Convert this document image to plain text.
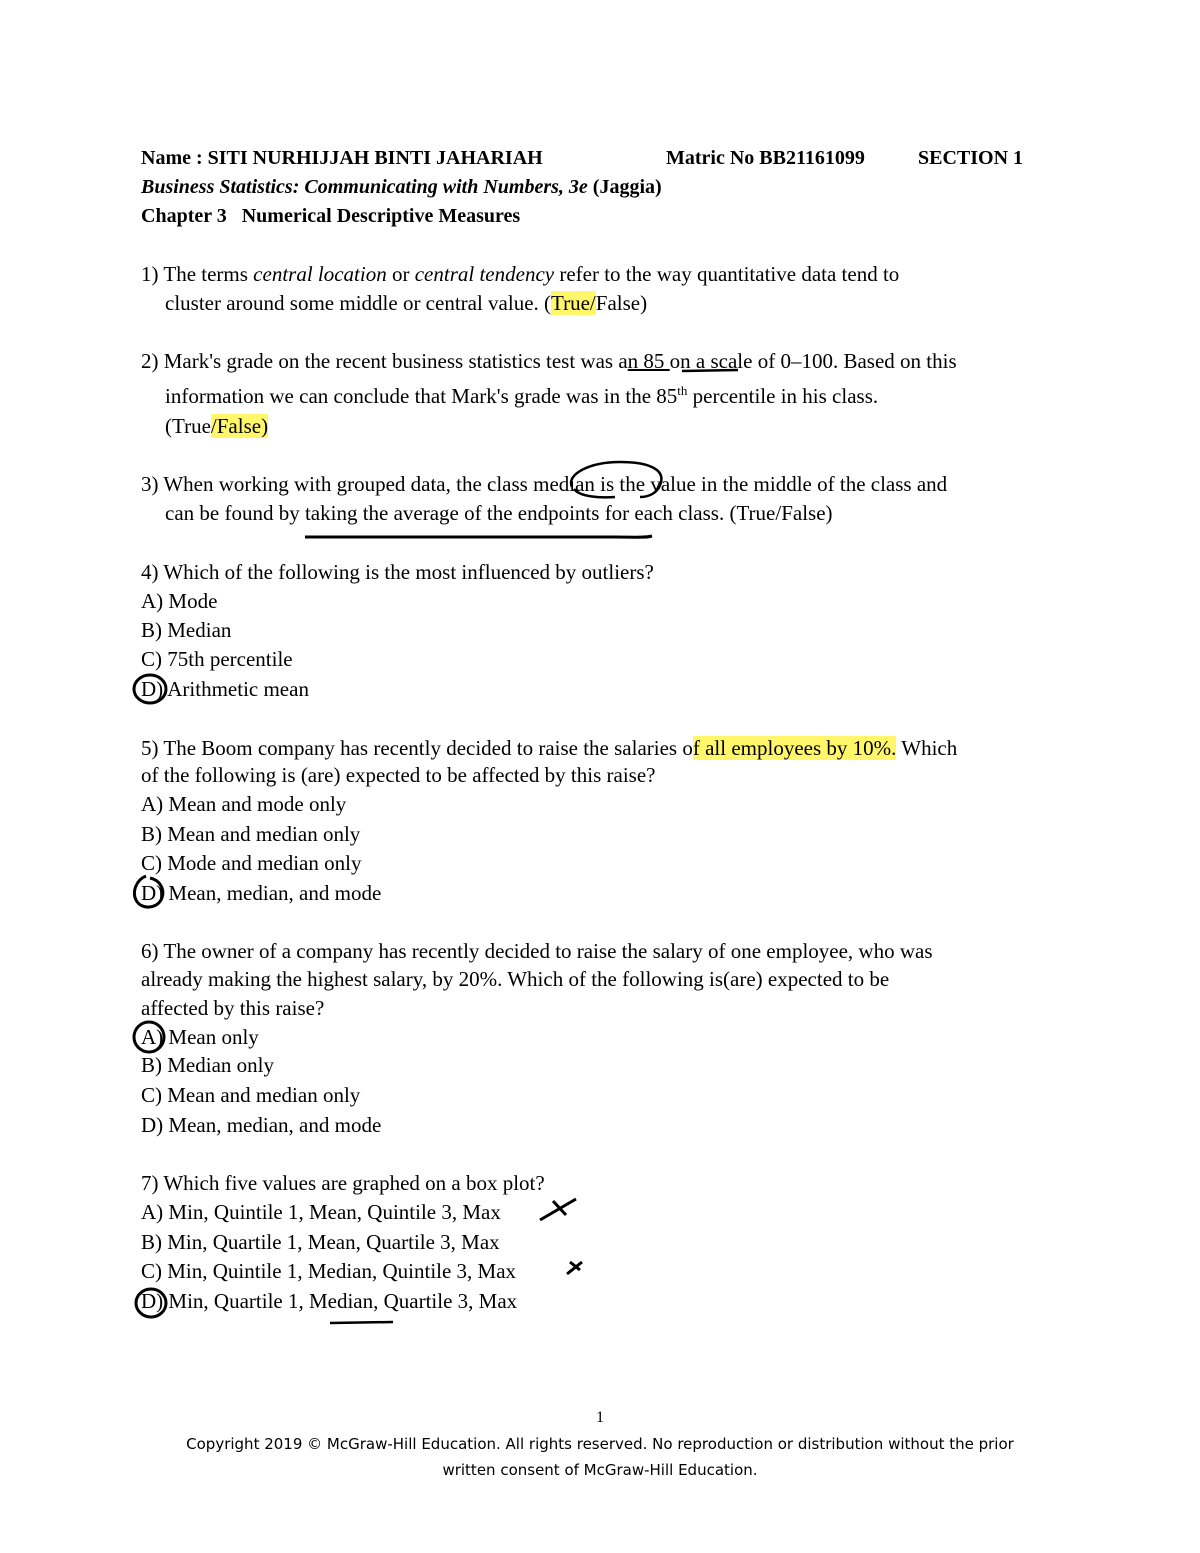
Name : SITI NURHIJJAH BINTI JAHARIAH	Matric No BB21161099	SECTION 1
Business Statistics: Communicating with Numbers, 3e (Jaggia)
Chapter 3   Numerical Descriptive Measures
1) The terms central location or central tendency refer to the way quantitative data tend to
cluster around some middle or central value. (True/False)
2) Mark's grade on the recent business statistics test was an 85 on a scale of 0–100. Based on this
information we can conclude that Mark's grade was in the 85th percentile in his class.
(True/False)
3) When working with grouped data, the class median is the value in the middle of the class and
can be found by taking the average of the endpoints for each class. (True/False)
4) Which of the following is the most influenced by outliers?
A) Mode
B) Median
C) 75th percentile
D) Arithmetic mean
5) The Boom company has recently decided to raise the salaries of all employees by 10%. Which
of the following is (are) expected to be affected by this raise?
A) Mean and mode only
B) Mean and median only
C) Mode and median only
D) Mean, median, and mode
6) The owner of a company has recently decided to raise the salary of one employee, who was
already making the highest salary, by 20%. Which of the following is(are) expected to be
affected by this raise?
A) Mean only
B) Median only
C) Mean and median only
D) Mean, median, and mode
7) Which five values are graphed on a box plot?
A) Min, Quintile 1, Mean, Quintile 3, Max
B) Min, Quartile 1, Mean, Quartile 3, Max
C) Min, Quintile 1, Median, Quintile 3, Max
D) Min, Quartile 1, Median, Quartile 3, Max
1
Copyright 2019 © McGraw-Hill Education. All rights reserved. No reproduction or distribution without the prior
written consent of McGraw-Hill Education.
